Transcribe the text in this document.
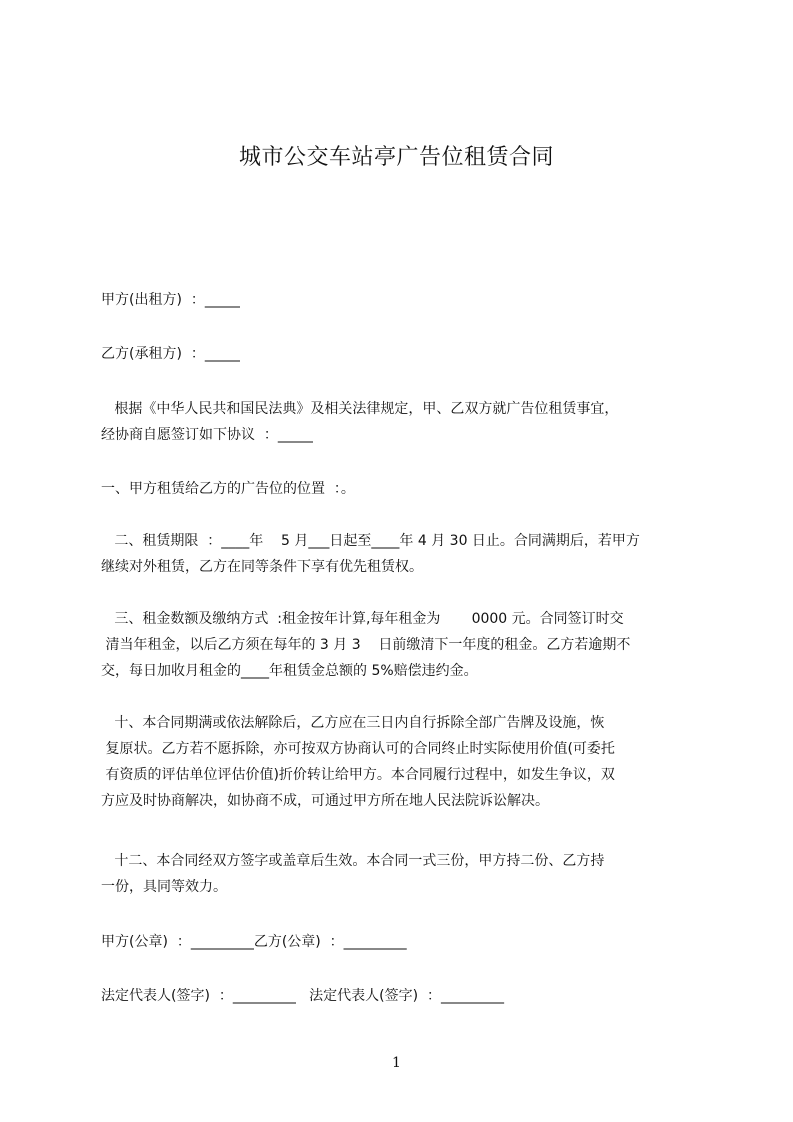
城市公交车站亭广告位租赁合同

甲方(出租方)  ：_____

乙方(承租方)  ：_____

根据《中华人民共和国民法典》及相关法律规定，甲、乙双方就广告位租赁事宜，
经协商自愿签订如下协议  ：_____

一、甲方租赁给乙方的广告位的位置  ：。

二、租赁期限  ：____年    5 月___日起至____年 4 月 30 日止。合同满期后，若甲方
继续对外租赁，乙方在同等条件下享有优先租赁权。

三、租金数额及缴纳方式  :租金按年计算,每年租金为       0000 元。合同签订时交
清当年租金，以后乙方须在每年的 3 月 3    日前缴清下一年度的租金。乙方若逾期不
交，每日加收月租金的____年租赁金总额的 5%赔偿违约金。

十、本合同期满或依法解除后，乙方应在三日内自行拆除全部广告牌及设施，恢
复原状。乙方若不愿拆除，亦可按双方协商认可的合同终止时实际使用价值(可委托
有资质的评估单位评估价值)折价转让给甲方。本合同履行过程中，如发生争议，双
方应及时协商解决，如协商不成，可通过甲方所在地人民法院诉讼解决。

十二、本合同经双方签字或盖章后生效。本合同一式三份，甲方持二份、乙方持
一份，具同等效力。

甲方(公章)  ：_________乙方(公章)  ：_________

法定代表人(签字)  ：_________   法定代表人(签字)  ：_________

1
